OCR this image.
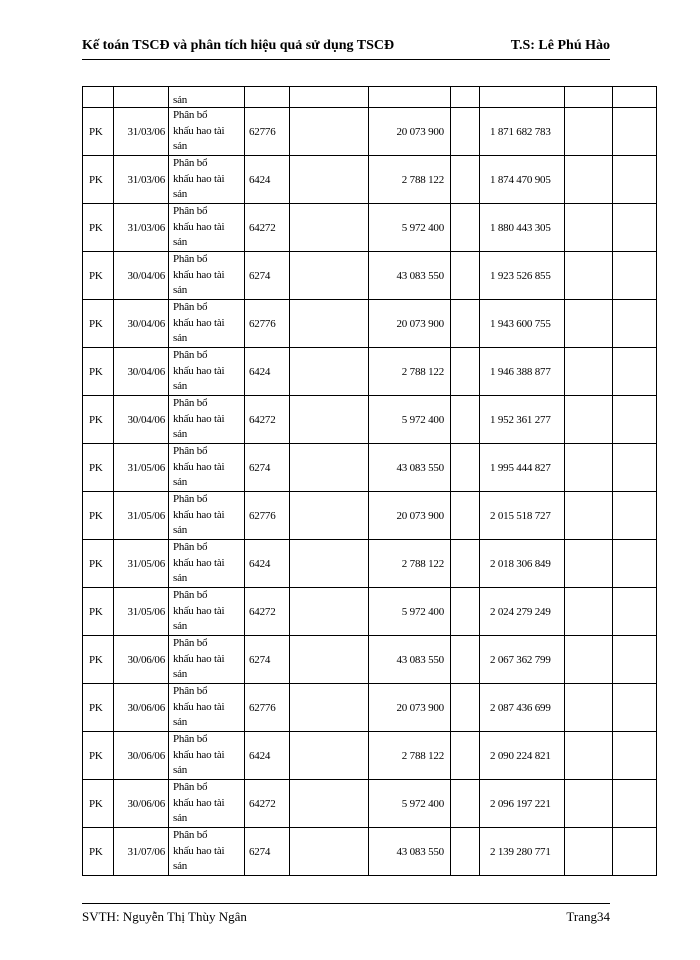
Kế toán TSCĐ và phân tích hiệu quả sử dụng TSCĐ	T.S: Lê Phú Hào
		sản							
PK	31/03/06	Phân bổ
khấu hao tài
sản	62776		20 073 900		1 871 682 783		
PK	31/03/06	Phân bổ
khấu hao tài
sản	6424		2 788 122		1 874 470 905		
PK	31/03/06	Phân bổ
khấu hao tài
sản	64272		5 972 400		1 880 443 305		
PK	30/04/06	Phân bổ
khấu hao tài
sản	6274		43 083 550		1 923 526 855		
PK	30/04/06	Phân bổ
khấu hao tài
sản	62776		20 073 900		1 943 600 755		
PK	30/04/06	Phân bổ
khấu hao tài
sản	6424		2 788 122		1 946 388 877		
PK	30/04/06	Phân bổ
khấu hao tài
sản	64272		5 972 400		1 952 361 277		
PK	31/05/06	Phân bổ
khấu hao tài
sản	6274		43 083 550		1 995 444 827		
PK	31/05/06	Phân bổ
khấu hao tài
sản	62776		20 073 900		2 015 518 727		
PK	31/05/06	Phân bổ
khấu hao tài
sản	6424		2 788 122		2 018 306 849		
PK	31/05/06	Phân bổ
khấu hao tài
sản	64272		5 972 400		2 024 279 249		
PK	30/06/06	Phân bổ
khấu hao tài
sản	6274		43 083 550		2 067 362 799		
PK	30/06/06	Phân bổ
khấu hao tài
sản	62776		20 073 900		2 087 436 699		
PK	30/06/06	Phân bổ
khấu hao tài
sản	6424		2 788 122		2 090 224 821		
PK	30/06/06	Phân bổ
khấu hao tài
sản	64272		5 972 400		2 096 197 221		
PK	31/07/06	Phân bổ
khấu hao tài
sản	6274		43 083 550		2 139 280 771		
SVTH: Nguyễn Thị Thùy Ngân	Trang34
